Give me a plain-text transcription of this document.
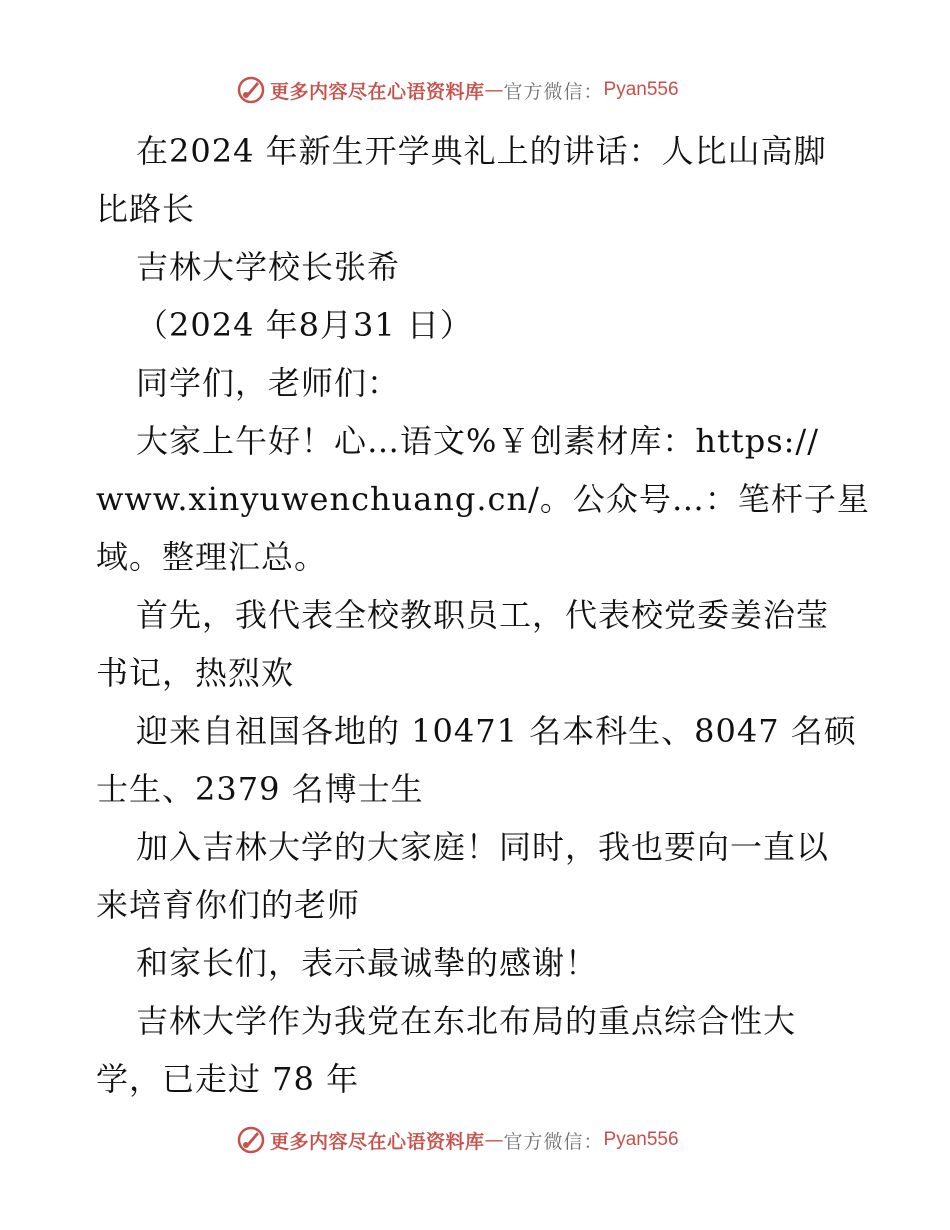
更多内容尽在心语资料库 — 官方微信： Pyan556
在2024 年新生开学典礼上的讲话：人比山高脚
比路长
吉林大学校长张希
（2024 年8月31 日）
同学们，老师们：
大家上午好！心…语文%￥创素材库：https://
www.xinyuwenchuang.cn/。公众号…：笔杆子星
域。整理汇总。
首先，我代表全校教职员工，代表校党委姜治莹
书记，热烈欢
迎来自祖国各地的 10471 名本科生、8047 名硕
士生、2379 名博士生
加入吉林大学的大家庭！同时，我也要向一直以
来培育你们的老师
和家长们，表示最诚挚的感谢！
吉林大学作为我党在东北布局的重点综合性大
学，已走过 78 年
更多内容尽在心语资料库 — 官方微信： Pyan556
